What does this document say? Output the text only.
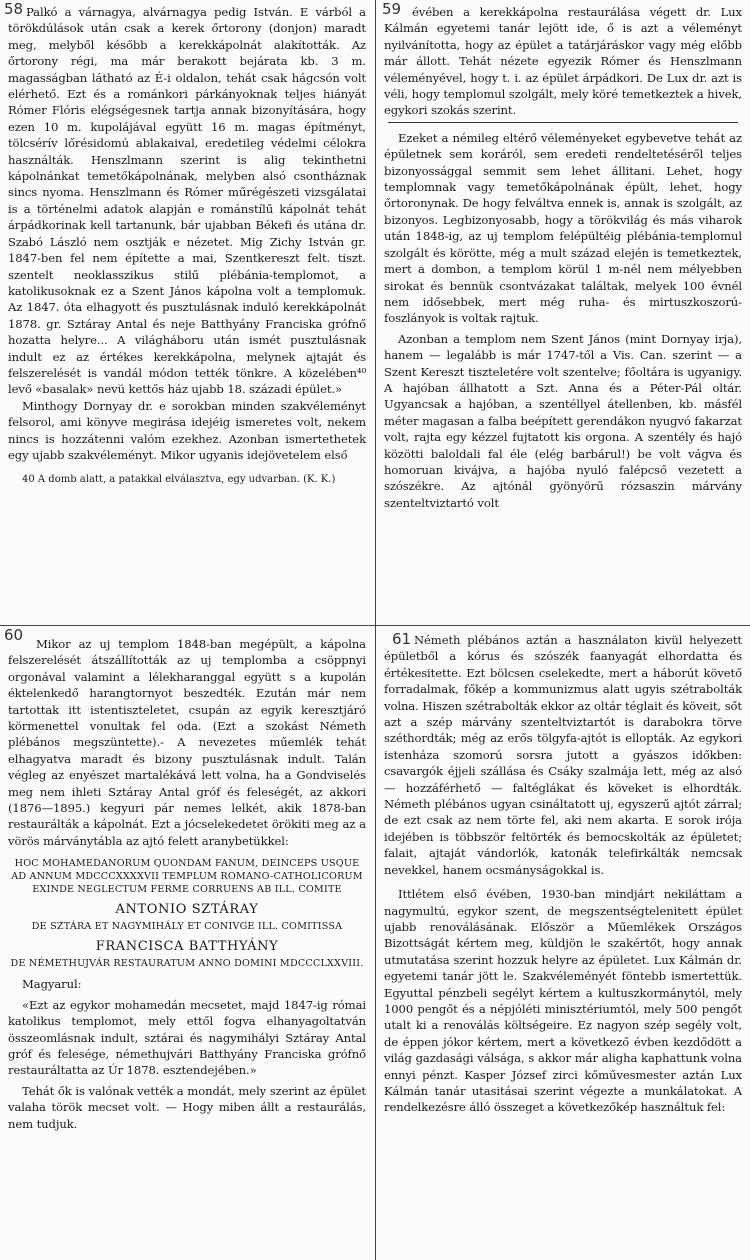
58 Palkó a várnagya, alvárnagya pedig István. E várból a törökdúlások után csak a kerek őrtorony (donjon) maradt meg, melyből később a kerekkápolnát alakították. Az őrtorony régi, ma már berakott bejárata kb. 3 m. magasságban látható az É-i oldalon, tehát csak hágcsón volt elérhető. Ezt és a románkori párkányoknak teljes hiányát Rómer Flóris elégségesnek tartja annak bizonyítására, hogy ezen 10 m. kupolájával együtt 16 m. magas építményt, tölcsérív lőrésidomú ablakaival, eredetileg védelmi célokra használták. Henszlmann szerint is alig tekinthetni kápolnánkat temetőkápolnának, melyben alsó csontháznak sincs nyoma. Henszlmann és Rómer műrégészeti vizsgálatai is a történelmi adatok alapján e románstílű kápolnát tehát árpádkorinak kell tartanunk, bár ujabban Békefi és utána dr. Szabó László nem osztják e nézetet. Mig Zichy István gr. 1847-ben fel nem építette a mai, Szentkereszt felt. tiszt. szentelt neoklasszikus stilű plébánia-templomot, a katolikusoknak ez a Szent János kápolna volt a templomuk. Az 1847. óta elhagyott és pusztulásnak induló kerekkápolnát 1878. gr. Sztáray Antal és neje Batthyány Franciska grófnő hozatta helyre... A világháboru után ismét pusztulásnak indult ez az értékes kerekkápolna, melynek ajtaját és felszerelését is vandál módon tették tönkre. A közelében⁴⁰ levő «basalak» nevü kettős ház ujabb 18. századi épület.»

Minthogy Dornyay dr. e sorokban minden szakvéleményt felsorol, ami könyve megirása idejéig ismeretes volt, nekem nincs is hozzátenni valóm ezekhez. Azonban ismertethetek egy ujabb szakvéleményt. Mikor ugyanis idejövetelem első

40 A domb alatt, a patakkal elválasztva, egy udvarban. (K. K.)

59 évében a kerekkápolna restaurálása végett dr. Lux Kálmán egyetemi tanár lejött ide, ő is azt a véleményt nyilvánította, hogy az épület a tatárjáráskor vagy még előbb már állott. Tehát nézete egyezik Rómer és Henszlmann véleményével, hogy t. i. az épület árpádkori. De Lux dr. azt is véli, hogy templomul szolgált, mely köré temetkeztek a hivek, egykori szokás szerint.

Ezeket a némileg eltérő véleményeket egybevetve tehát az épületnek sem koráról, sem eredeti rendeltetéséről teljes bizonyossággal semmit sem lehet állitani. Lehet, hogy templomnak vagy temetőkápolnának épült, lehet, hogy őrtoronynak. De hogy felváltva ennek is, annak is szolgált, az bizonyos. Legbizonyosabb, hogy a törökvilág és más viharok után 1848-ig, az uj templom felépültéig plébánia-templomul szolgált és körötte, még a mult század elején is temetkeztek, mert a dombon, a templom körül 1 m-nél nem mélyebben sirokat és bennük csontvázakat találtak, melyek 100 évnél nem idősebbek, mert még ruha- és mirtuszkoszorú-foszlányok is voltak rajtuk.

Azonban a templom nem Szent János (mint Dornyay irja), hanem — legalább is már 1747-től a Vis. Can. szerint — a Szent Kereszt tiszteletére volt szentelve; főoltára is ugyanigy. A hajóban állhatott a Szt. Anna és a Péter-Pál oltár. Ugyancsak a hajóban, a szentéllyel átellenben, kb. másfél méter magasan a falba beépített gerendákon nyugvó fakarzat volt, rajta egy kézzel fujtatott kis orgona. A szentély és hajó közötti baloldali fal éle (elég barbárul!) be volt vágva és homoruan kivájva, a hajóba nyuló falépcső vezetett a szószékre. Az ajtónál gyönyörű rózsaszin márvány szenteltviztartó volt

60	Mikor az uj templom 1848-ban megépült, a kápolna felszerelését átszállították az uj templomba a csöppnyi orgonával valamint a lélekharanggal együtt s a kupolán éktelenkedő harangtornyot beszedték. Ezután már nem tartottak itt istentiszteletet, csupán az egyik keresztjáró körmenettel vonultak fel oda. (Ezt a szokást Németh plébános megszüntette).- A nevezetes műemlék tehát elhagyatva maradt és bizony pusztulásnak indult. Talán végleg az enyészet martalékává lett volna, ha a Gondviselés meg nem ihleti Sztáray Antal gróf és feleségét, az akkori (1876—1895.) kegyuri pár nemes lelkét, akik 1878-ban restaurálták a kápolnát. Ezt a jócselekedetet örökiti meg az a vörös márványtábla az ajtó felett aranybetükkel:

HOC MOHAMEDANORUM QUONDAM FANUM, DEINCEPS USQUE AD ANNUM MDCCCXXXXVII TEMPLUM ROMANO-CATHOLICORUM EXINDE NEGLECTUM FERME CORRUENS AB ILL. COMITE

ANTONIO SZTÁRAY

DE SZTÁRA ET NAGYMIHÁLY ET CONIVGE ILL. COMITISSA

FRANCISCA BATTHYÁNY

DE NÉMETHUJVÁR RESTAURATUM ANNO DOMINI MDCCCLXXVIII.

Magyarul:

«Ezt az egykor mohamedán mecsetet, majd 1847-ig római katolikus templomot, mely ettől fogva elhanyagoltatván összeomlásnak indult, sztárai és nagymihályi Sztáray Antal gróf és felesége, némethujvári Batthyány Franciska grófnő restauráltatta az Úr 1878. esztendejében.»

Tehát ők is valónak vették a mondát, mely szerint az épület valaha török mecset volt. — Hogy miben állt a restaurálás, nem tudjuk.

61 Németh plébános aztán a használaton kivül helyezett épületből a kórus és szószék faanyagát elhordatta és értékesitette. Ezt bölcsen cselekedte, mert a háborút követő forradalmak, főkép a kommunizmus alatt ugyis szétrabolták volna. Hiszen szétrabolták ekkor az oltár téglait és köveit, sőt azt a szép márvány szenteltviztartót is darabokra törve széthordták; még az erős tölgyfa-ajtót is ellopták. Az egykori istenháza szomorú sorsra jutott a gyászos időkben: csavargók éjjeli szállása és Csáky szalmája lett, még az alsó — hozzáférhető — faltéglákat és köveket is elhordták. Németh plébános ugyan csináltatott uj, egyszerű ajtót zárral; de ezt csak az nem törte fel, aki nem akarta. E sorok irója idejében is többször feltörték és bemocskolták az épületet; falait, ajtaját vándorlók, katonák telefirkálták nemcsak nevekkel, hanem ocsmányságokkal is.

Ittlétem első évében, 1930-ban mindjárt nekiláttam a nagymultú, egykor szent, de megszentségtelenitett épület ujabb renoválásának. Először a Műemlékek Országos Bizottságát kértem meg, küldjön le szakértőt, hogy annak utmutatása szerint hozzuk helyre az épületet. Lux Kálmán dr. egyetemi tanár jött le. Szakvéleményét föntebb ismertettük. Egyuttal pénzbeli segélyt kértem a kultuszkormánytól, mely 1000 pengőt és a népjóléti minisztériumtól, mely 500 pengőt utalt ki a renoválás költségeire. Ez nagyon szép segély volt, de éppen jókor kértem, mert a következő évben kezdődött a világ gazdasági válsága, s akkor már aligha kaphattunk volna ennyi pénzt. Kasper József zirci kőművesmester aztán Lux Kálmán tanár utasitásai szerint végezte a munkálatokat. A rendelkezésre álló összeget a következőkép használtuk fel:
